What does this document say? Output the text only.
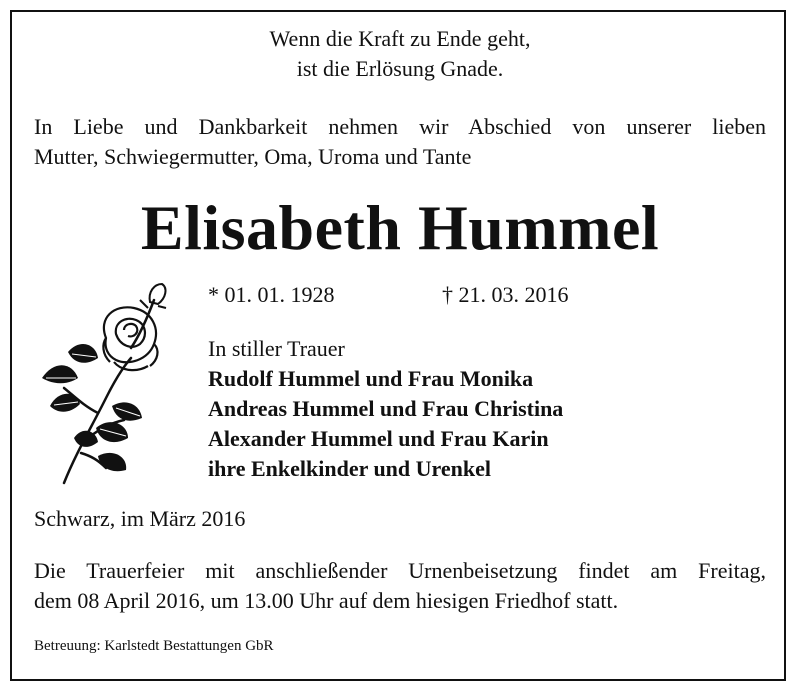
Wenn die Kraft zu Ende geht,
ist die Erlösung Gnade.
In Liebe und Dankbarkeit nehmen wir Abschied von unserer lieben
Mutter, Schwiegermutter, Oma, Uroma und Tante
Elisabeth Hummel
* 01. 01. 1928	† 21. 03. 2016
In stiller Trauer
Rudolf Hummel und Frau Monika
Andreas Hummel und Frau Christina
Alexander Hummel und Frau Karin
ihre Enkelkinder und Urenkel
Schwarz, im März 2016
Die Trauerfeier mit anschließender Urnenbeisetzung findet am Freitag,
dem 08 April 2016, um 13.00 Uhr auf dem hiesigen Friedhof statt.
Betreuung: Karlstedt Bestattungen GbR
